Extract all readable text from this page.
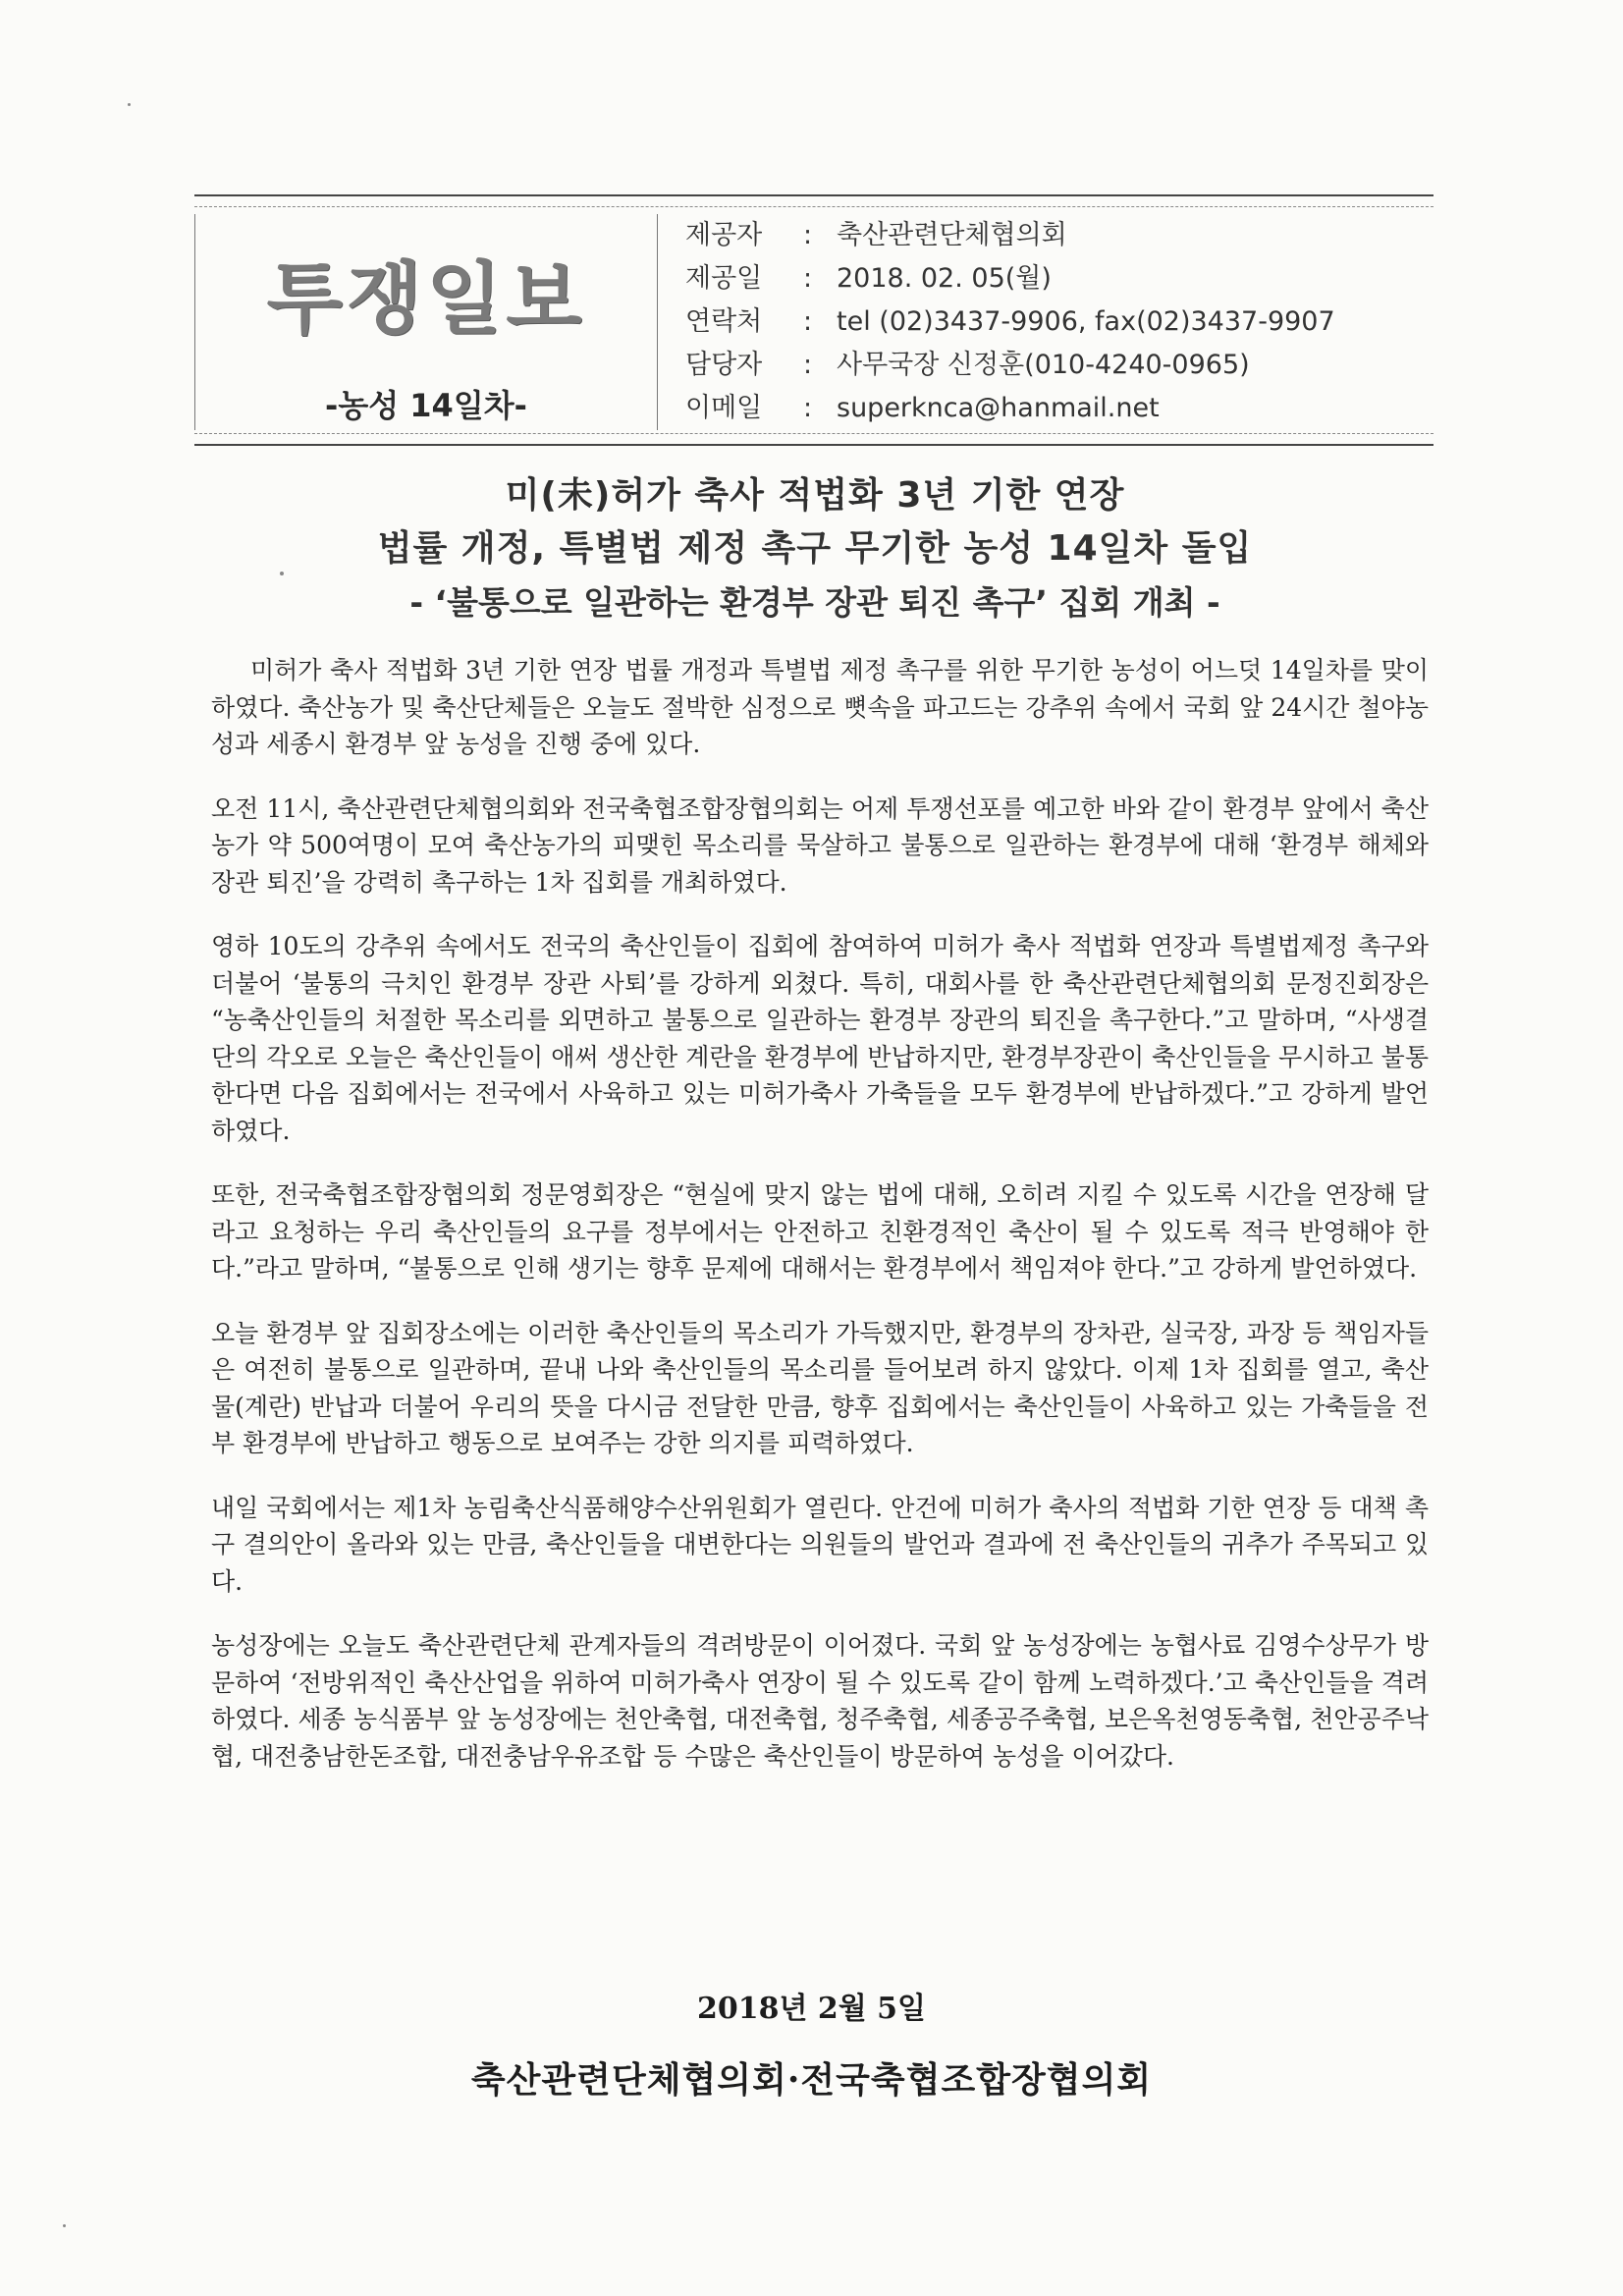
투쟁일보
-농성 14일차-
제공자 : 축산관련단체협의회
제공일 : 2018. 02. 05(월)
연락처 : tel (02)3437-9906, fax(02)3437-9907
담당자 : 사무국장 신정훈(010-4240-0965)
이메일 : superkncа@hanmail.net
미(未)허가 축사 적법화 3년 기한 연장
법률 개정, 특별법 제정 촉구 무기한 농성 14일차 돌입
- ‘불통으로 일관하는 환경부 장관 퇴진 촉구’ 집회 개최 -

미허가 축사 적법화 3년 기한 연장 법률 개정과 특별법 제정 촉구를 위한 무기한 농성이 어느덧 14일차를 맞이하였다. 축산농가 및 축산단체들은 오늘도 절박한 심정으로 뼛속을 파고드는 강추위 속에서 국회 앞 24시간 철야농성과 세종시 환경부 앞 농성을 진행 중에 있다.

오전 11시, 축산관련단체협의회와 전국축협조합장협의회는 어제 투쟁선포를 예고한 바와 같이 환경부 앞에서 축산농가 약 500여명이 모여 축산농가의 피맺힌 목소리를 묵살하고 불통으로 일관하는 환경부에 대해 ‘환경부 해체와 장관 퇴진’을 강력히 촉구하는 1차 집회를 개최하였다.

영하 10도의 강추위 속에서도 전국의 축산인들이 집회에 참여하여 미허가 축사 적법화 연장과 특별법제정 촉구와 더불어 ‘불통의 극치인 환경부 장관 사퇴’를 강하게 외쳤다. 특히, 대회사를 한 축산관련단체협의회 문정진회장은 “농축산인들의 처절한 목소리를 외면하고 불통으로 일관하는 환경부 장관의 퇴진을 촉구한다.”고 말하며, “사생결단의 각오로 오늘은 축산인들이 애써 생산한 계란을 환경부에 반납하지만, 환경부장관이 축산인들을 무시하고 불통한다면 다음 집회에서는 전국에서 사육하고 있는 미허가축사 가축들을 모두 환경부에 반납하겠다.”고 강하게 발언하였다.

또한, 전국축협조합장협의회 정문영회장은 “현실에 맞지 않는 법에 대해, 오히려 지킬 수 있도록 시간을 연장해 달라고 요청하는 우리 축산인들의 요구를 정부에서는 안전하고 친환경적인 축산이 될 수 있도록 적극 반영해야 한다.”라고 말하며, “불통으로 인해 생기는 향후 문제에 대해서는 환경부에서 책임져야 한다.”고 강하게 발언하였다.

오늘 환경부 앞 집회장소에는 이러한 축산인들의 목소리가 가득했지만, 환경부의 장차관, 실국장, 과장 등 책임자들은 여전히 불통으로 일관하며, 끝내 나와 축산인들의 목소리를 들어보려 하지 않았다. 이제 1차 집회를 열고, 축산물(계란) 반납과 더불어 우리의 뜻을 다시금 전달한 만큼, 향후 집회에서는 축산인들이 사육하고 있는 가축들을 전부 환경부에 반납하고 행동으로 보여주는 강한 의지를 피력하였다.

내일 국회에서는 제1차 농림축산식품해양수산위원회가 열린다. 안건에 미허가 축사의 적법화 기한 연장 등 대책 촉구 결의안이 올라와 있는 만큼, 축산인들을 대변한다는 의원들의 발언과 결과에 전 축산인들의 귀추가 주목되고 있다.

농성장에는 오늘도 축산관련단체 관계자들의 격려방문이 이어졌다. 국회 앞 농성장에는 농협사료 김영수상무가 방문하여 ‘전방위적인 축산산업을 위하여 미허가축사 연장이 될 수 있도록 같이 함께 노력하겠다.’고 축산인들을 격려하였다. 세종 농식품부 앞 농성장에는 천안축협, 대전축협, 청주축협, 세종공주축협, 보은옥천영동축협, 천안공주낙협, 대전충남한돈조합, 대전충남우유조합 등 수많은 축산인들이 방문하여 농성을 이어갔다.

2018년 2월 5일
축산관련단체협의회·전국축협조합장협의회
